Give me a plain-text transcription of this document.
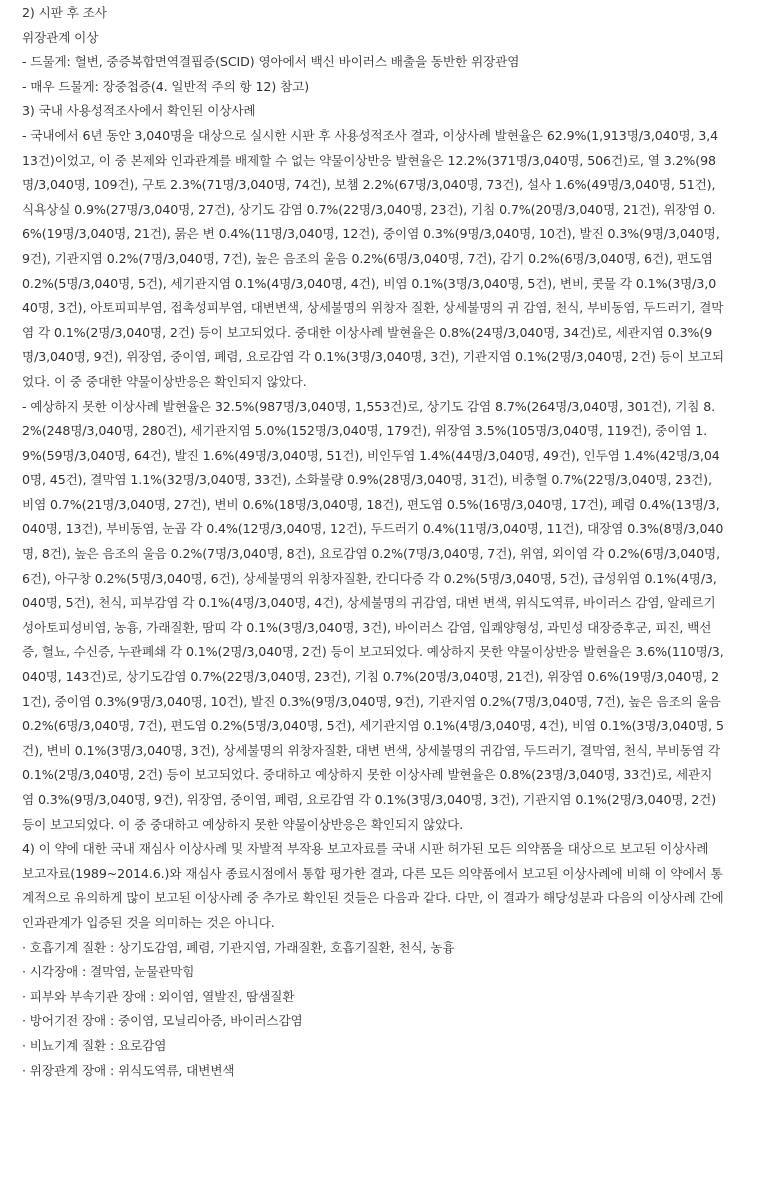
2) 시판 후 조사

위장관계 이상

- 드물게: 혈변, 중증복합면역결핍증(SCID) 영아에서 백신 바이러스 배출을 동반한 위장관염

- 매우 드물게: 장중첩증(4. 일반적 주의 항 12) 참고)

3) 국내 사용성적조사에서 확인된 이상사례

- 국내에서 6년 동안 3,040명을 대상으로 실시한 시판 후 사용성적조사 결과, 이상사례 발현율은 62.9%(1,913명/3,040명, 3,413건)이었고, 이 중 본제와 인과관계를 배제할 수 없는 약물이상반응 발현율은 12.2%(371명/3,040명, 506건)로, 열 3.2%(98명/3,040명, 109건), 구토 2.3%(71명/3,040명, 74건), 보챔 2.2%(67명/3,040명, 73건), 설사 1.6%(49명/3,040명, 51건), 식욕상실 0.9%(27명/3,040명, 27건), 상기도 감염 0.7%(22명/3,040명, 23건), 기침 0.7%(20명/3,040명, 21건), 위장염 0.6%(19명/3,040명, 21건), 묽은 변 0.4%(11명/3,040명, 12건), 중이염 0.3%(9명/3,040명, 10건), 발진 0.3%(9명/3,040명, 9건), 기관지염 0.2%(7명/3,040명, 7건), 높은 음조의 울음 0.2%(6명/3,040명, 7건), 감기 0.2%(6명/3,040명, 6건), 편도염 0.2%(5명/3,040명, 5건), 세기관지염 0.1%(4명/3,040명, 4건), 비염 0.1%(3명/3,040명, 5건), 변비, 콧물 각 0.1%(3명/3,040명, 3건), 아토피피부염, 접촉성피부염, 대변변색, 상세불명의 위창자 질환, 상세불명의 귀 감염, 천식, 부비동염, 두드러기, 결막염 각 0.1%(2명/3,040명, 2건) 등이 보고되었다. 중대한 이상사례 발현율은 0.8%(24명/3,040명, 34건)로, 세관지염 0.3%(9명/3,040명, 9건), 위장염, 중이염, 폐렴, 요로감염 각 0.1%(3명/3,040명, 3건), 기관지염 0.1%(2명/3,040명, 2건) 등이 보고되었다. 이 중 중대한 약물이상반응은 확인되지 않았다.

- 예상하지 못한 이상사례 발현율은 32.5%(987명/3,040명, 1,553건)로, 상기도 감염 8.7%(264명/3,040명, 301건), 기침 8.2%(248명/3,040명, 280건), 세기관지염 5.0%(152명/3,040명, 179건), 위장염 3.5%(105명/3,040명, 119건), 중이염 1.9%(59명/3,040명, 64건), 발진 1.6%(49명/3,040명, 51건), 비인두염 1.4%(44명/3,040명, 49건), 인두염 1.4%(42명/3,040명, 45건), 결막염 1.1%(32명/3,040명, 33건), 소화불량 0.9%(28명/3,040명, 31건), 비충혈 0.7%(22명/3,040명, 23건), 비염 0.7%(21명/3,040명, 27건), 변비 0.6%(18명/3,040명, 18건), 편도염 0.5%(16명/3,040명, 17건), 폐렴 0.4%(13명/3,040명, 13건), 부비동염, 눈곱 각 0.4%(12명/3,040명, 12건), 두드러기 0.4%(11명/3,040명, 11건), 대장염 0.3%(8명/3,040명, 8건), 높은 음조의 울음 0.2%(7명/3,040명, 8건), 요로감염 0.2%(7명/3,040명, 7건), 위염, 외이염 각 0.2%(6명/3,040명, 6건), 아구창 0.2%(5명/3,040명, 6건), 상세불명의 위창자질환, 칸디다증 각 0.2%(5명/3,040명, 5건), 급성위염 0.1%(4명/3,040명, 5건), 천식, 피부감염 각 0.1%(4명/3,040명, 4건), 상세불명의 귀감염, 대변 변색, 위식도역류, 바이러스 감염, 알레르기성아토피성비염, 농흉, 가래질환, 땀띠 각 0.1%(3명/3,040명, 3건), 바이러스 감염, 입쾌양형성, 과민성 대장증후군, 피진, 백선증, 혈뇨, 수신증, 누관폐쇄 각 0.1%(2명/3,040명, 2건) 등이 보고되었다. 예상하지 못한 약물이상반응 발현율은 3.6%(110명/3,040명, 143건)로, 상기도감염 0.7%(22명/3,040명, 23건), 기침 0.7%(20명/3,040명, 21건), 위장염 0.6%(19명/3,040명, 21건), 중이염 0.3%(9명/3,040명, 10건), 발진 0.3%(9명/3,040명, 9건), 기관지염 0.2%(7명/3,040명, 7건), 높은 음조의 울음 0.2%(6명/3,040명, 7건), 편도염 0.2%(5명/3,040명, 5건), 세기관지염 0.1%(4명/3,040명, 4건), 비염 0.1%(3명/3,040명, 5건), 변비 0.1%(3명/3,040명, 3건), 상세불명의 위창자질환, 대변 변색, 상세불명의 귀감염, 두드러기, 결막염, 천식, 부비동염 각 0.1%(2명/3,040명, 2건) 등이 보고되었다. 중대하고 예상하지 못한 이상사례 발현율은 0.8%(23명/3,040명, 33건)로, 세관지염 0.3%(9명/3,040명, 9건), 위장염, 중이염, 폐렴, 요로감염 각 0.1%(3명/3,040명, 3건), 기관지염 0.1%(2명/3,040명, 2건) 등이 보고되었다. 이 중 중대하고 예상하지 못한 약물이상반응은 확인되지 않았다.

4) 이 약에 대한 국내 재심사 이상사례 및 자발적 부작용 보고자료를 국내 시판 허가된 모든 의약품을 대상으로 보고된 이상사례 보고자료(1989~2014.6.)와 재심사 종료시점에서 통합 평가한 결과, 다른 모든 의약품에서 보고된 이상사례에 비해 이 약에서 통계적으로 유의하게 많이 보고된 이상사례 중 추가로 확인된 것들은 다음과 같다. 다만, 이 결과가 해당성분과 다음의 이상사례 간에 인과관계가 입증된 것을 의미하는 것은 아니다.

· 호흡기계 질환 : 상기도감염, 폐렴, 기관지염, 가래질환, 호흡기질환, 천식, 농흉

· 시각장애 : 결막염, 눈물관막힘

· 피부와 부속기관 장애 : 외이염, 열발진, 땀샘질환

· 방어기전 장애 : 중이염, 모닐리아증, 바이러스감염

· 비뇨기계 질환 : 요로감염

· 위장관계 장애 : 위식도역류, 대변변색
